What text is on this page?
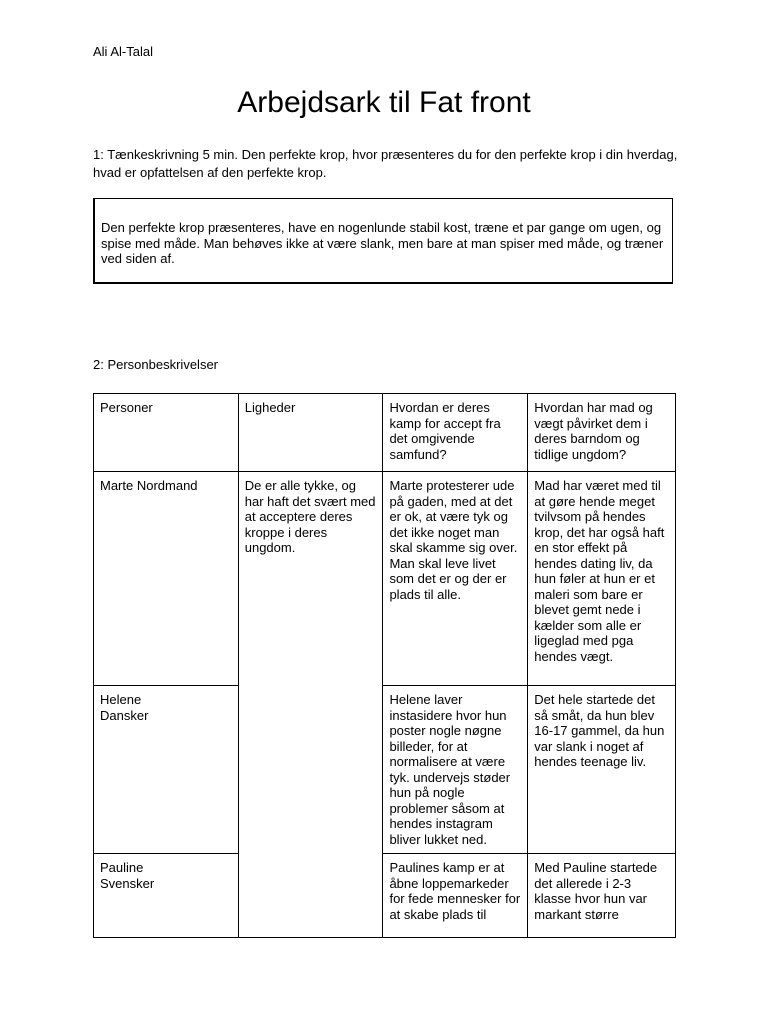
Ali Al-Talal
Arbejdsark til Fat front
1: Tænkeskrivning 5 min. Den perfekte krop, hvor præsenteres du for den perfekte krop i din hverdag, hvad er opfattelsen af den perfekte krop.
Den perfekte krop præsenteres, have en nogenlunde stabil kost, træne et par gange om ugen, og spise med måde. Man behøves ikke at være slank, men bare at man spiser med måde, og træner ved siden af.
2: Personbeskrivelser
Personer	Ligheder	Hvordan er deres kamp for accept fra det omgivende samfund?	Hvordan har mad og vægt påvirket dem i deres barndom og tidlige ungdom?
Marte Nordmand	De er alle tykke, og har haft det svært med at acceptere deres kroppe i deres ungdom.	Marte protesterer ude på gaden, med at det er ok, at være tyk og det ikke noget man skal skamme sig over. Man skal leve livet som det er og der er plads til alle.	Mad har været med til at gøre hende meget tvilvsom på hendes krop, det har også haft en stor effekt på hendes dating liv, da hun føler at hun er et maleri som bare er blevet gemt nede i kælder som alle er ligeglad med pga hendes vægt.

Helene
Dansker		Helene laver instasidere hvor hun poster nogle nøgne billeder, for at normalisere at være tyk. undervejs støder hun på nogle problemer såsom at hendes instagram bliver lukket ned.	Det hele startede det så småt, da hun blev 16-17 gammel, da hun var slank i noget af hendes teenage liv.

Pauline
Svensker		Paulines kamp er at åbne loppemarkeder for fede mennesker for at skabe plads til	Med Pauline startede det allerede i 2-3 klasse hvor hun var markant større
